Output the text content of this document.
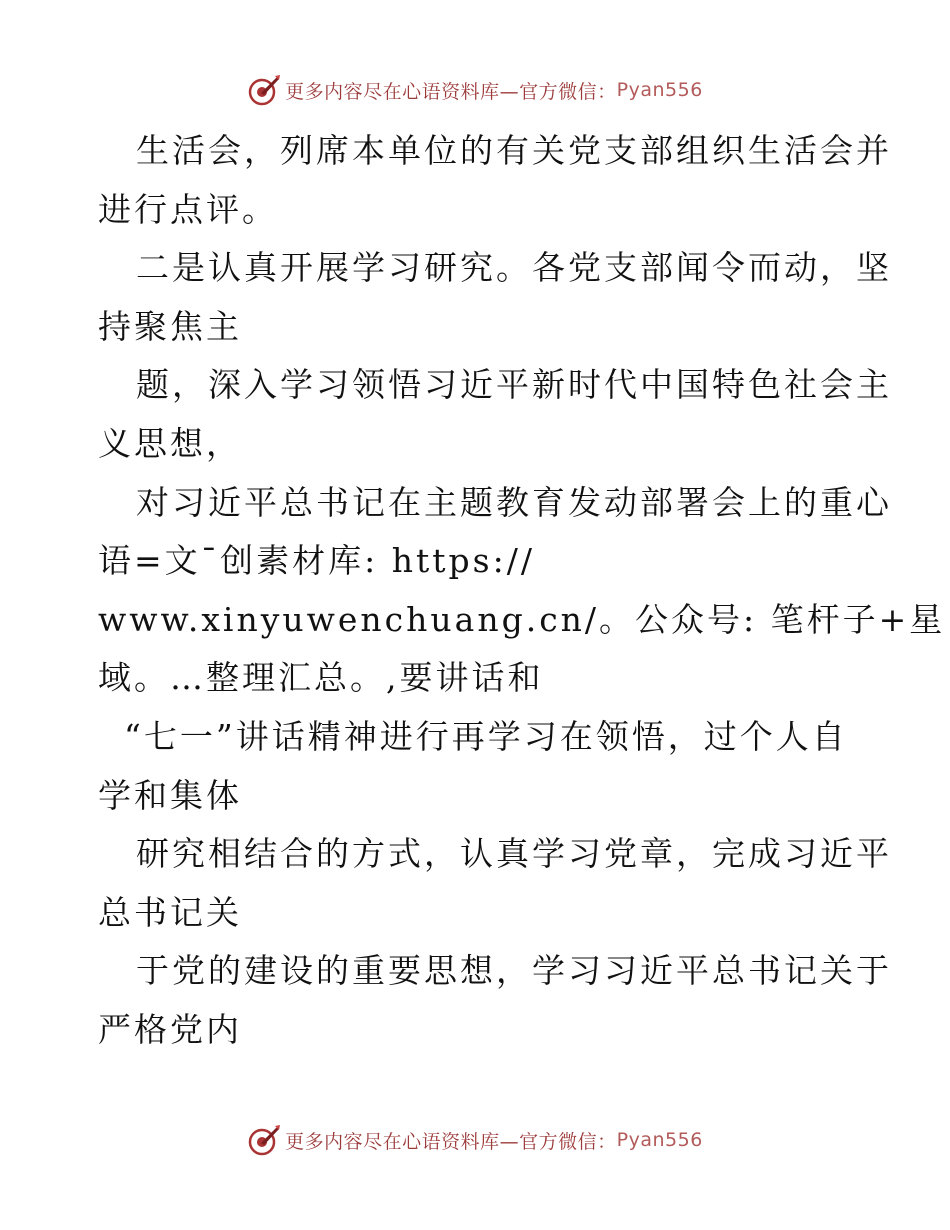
更多内容尽在心语资料库—官方微信： Pyan556
生活会，列席本单位的有关党支部组织生活会并
进行点评。
二是认真开展学习研究。各党支部闻令而动，坚
持聚焦主
题，深入学习领悟习近平新时代中国特色社会主
义思想，
对习近平总书记在主题教育发动部署会上的重心
语=文¯创素材库: https://
www.xinyuwenchuang.cn/。公众号: 笔杆子+星
域。…整理汇总。,要讲话和
“七一”讲话精神进行再学习在领悟，过个人自
学和集体
研究相结合的方式，认真学习党章，完成习近平
总书记关
于党的建设的重要思想，学习习近平总书记关于
严格党内
更多内容尽在心语资料库—官方微信： Pyan556
